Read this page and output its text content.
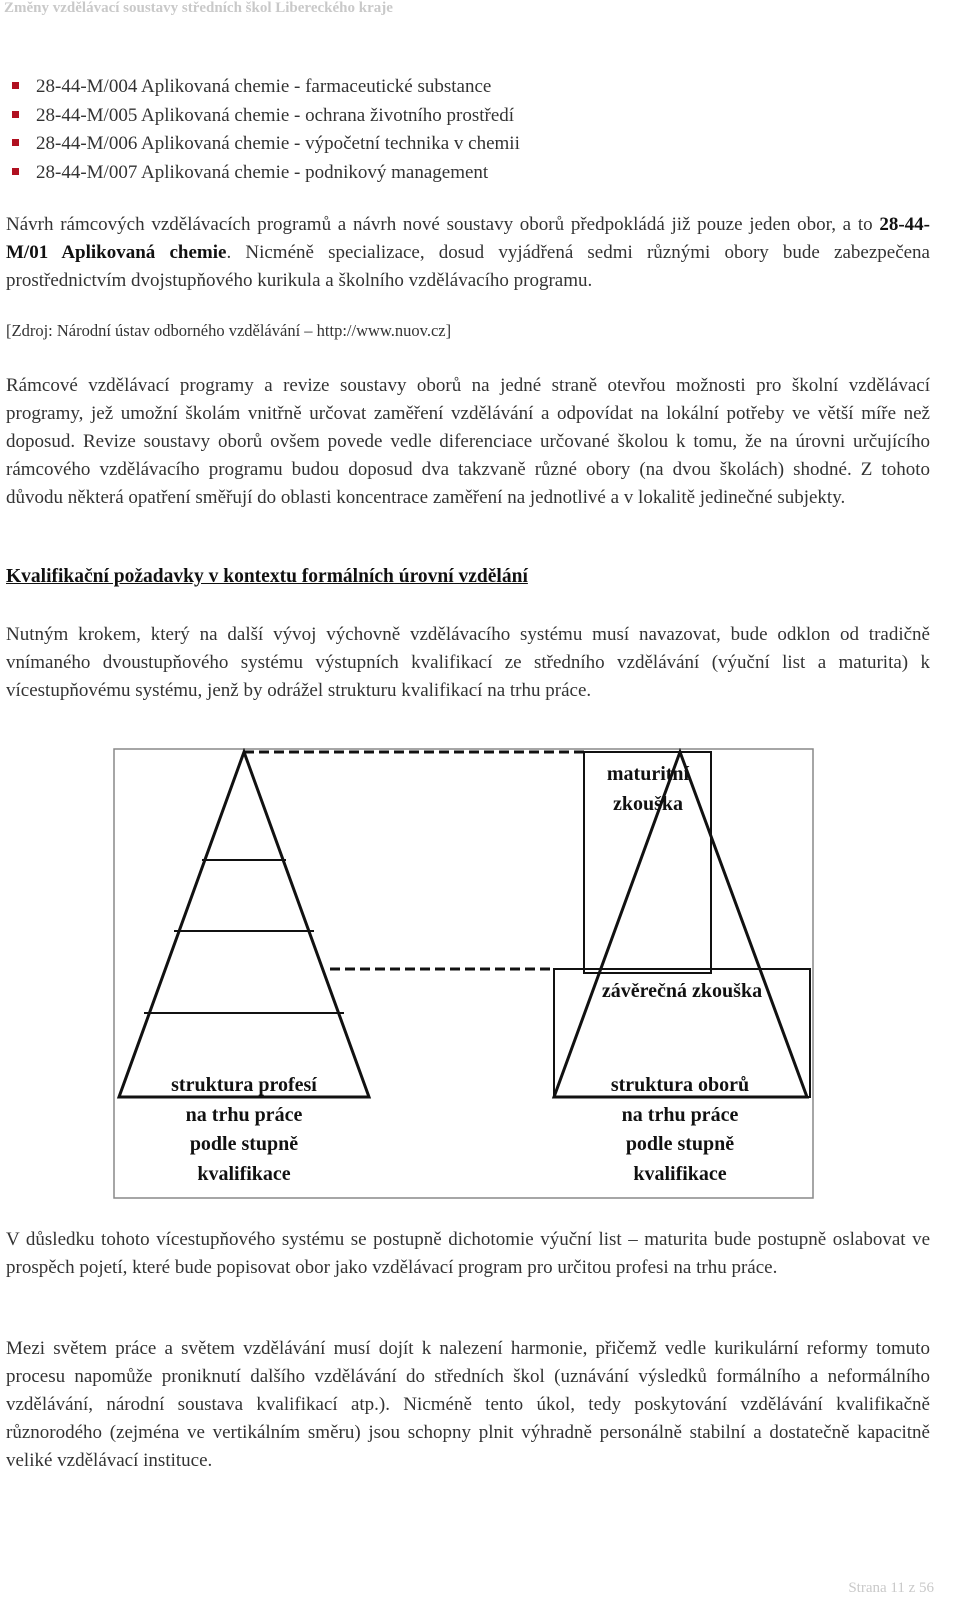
Změny vzdělávací soustavy středních škol Libereckého kraje
28-44-M/004 Aplikovaná chemie - farmaceutické substance
28-44-M/005 Aplikovaná chemie - ochrana životního prostředí
28-44-M/006 Aplikovaná chemie - výpočetní technika v chemii
28-44-M/007 Aplikovaná chemie - podnikový management
Návrh rámcových vzdělávacích programů a návrh nové soustavy oborů předpokládá již pouze jeden obor, a to 28-44-M/01 Aplikovaná chemie. Nicméně specializace, dosud vyjádřená sedmi různými obory bude zabezpečena prostřednictvím dvojstupňového kurikula a školního vzdělávacího programu.
[Zdroj: Národní ústav odborného vzdělávání – http://www.nuov.cz]
Rámcové vzdělávací programy a revize soustavy oborů na jedné straně otevřou možnosti pro školní vzdělávací programy, jež umožní školám vnitřně určovat zaměření vzdělávání a odpovídat na lokální potřeby ve větší míře než doposud. Revize soustavy oborů ovšem povede vedle diferenciace určované školou k tomu, že na úrovni určujícího rámcového vzdělávacího programu budou doposud dva takzvaně různé obory (na dvou školách) shodné. Z tohoto důvodu některá opatření směřují do oblasti koncentrace zaměření na jednotlivé a v lokalitě jedinečné subjekty.
Kvalifikační požadavky v kontextu formálních úrovní vzdělání
Nutným krokem, který na další vývoj výchovně vzdělávacího systému musí navazovat, bude odklon od tradičně vnímaného dvoustupňového systému výstupních kvalifikací ze středního vzdělávání (výuční list a maturita) k vícestupňovému systému, jenž by odrážel strukturu kvalifikací na trhu práce.
maturitní zkouška
závěrečná zkouška
struktura profesí
na trhu práce
podle stupně
kvalifikace
struktura oborů
na trhu práce
podle stupně
kvalifikace
V důsledku tohoto vícestupňového systému se postupně dichotomie výuční list – maturita bude postupně oslabovat ve prospěch pojetí, které bude popisovat obor jako vzdělávací program pro určitou profesi na trhu práce.
Mezi světem práce a světem vzdělávání musí dojít k nalezení harmonie, přičemž vedle kurikulární reformy tomuto procesu napomůže proniknutí dalšího vzdělávání do středních škol (uznávání výsledků formálního a neformálního vzdělávání, národní soustava kvalifikací atp.). Nicméně tento úkol, tedy poskytování vzdělávání kvalifikačně různorodého (zejména ve vertikálním směru) jsou schopny plnit výhradně personálně stabilní a dostatečně kapacitně veliké vzdělávací instituce.
Strana 11 z 56
